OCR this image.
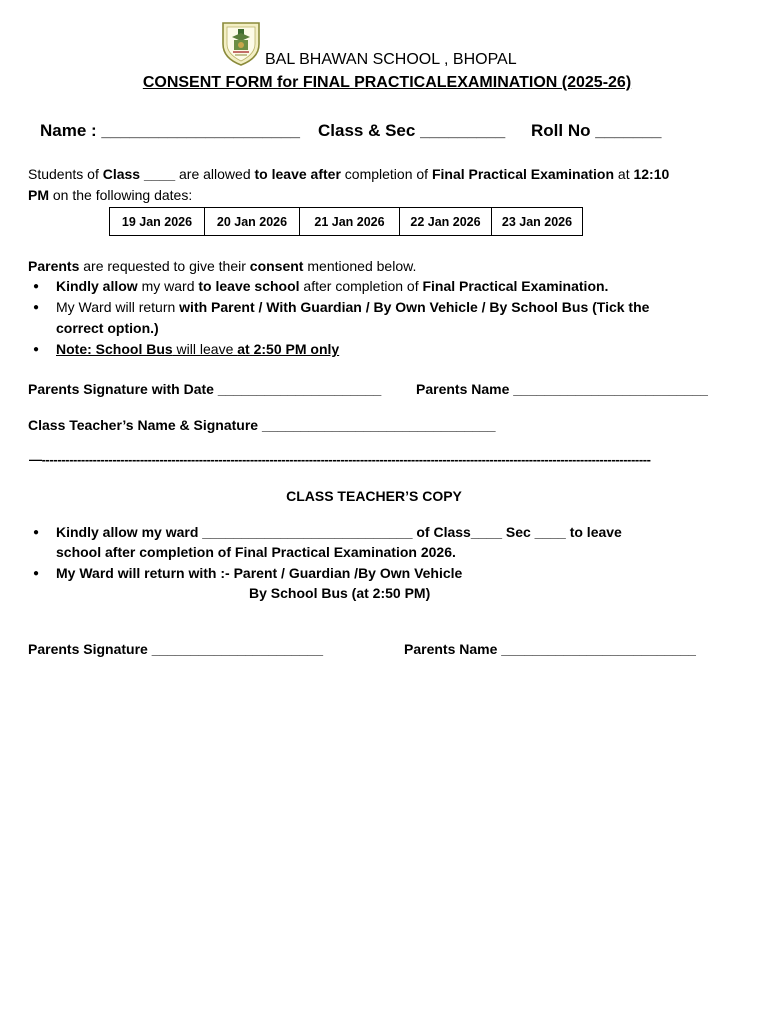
BAL BHAWAN SCHOOL , BHOPAL
CONSENT FORM for FINAL PRACTICALEXAMINATION (2025-26)
Name : _____________________ Class & Sec _________ Roll No _______
Students of Class ____ are allowed to leave after completion of Final Practical Examination at 12:10
PM on the following dates:
19 Jan 2026	20 Jan 2026	21 Jan 2026	22 Jan 2026	23 Jan 2026
Parents are requested to give their consent mentioned below.
● Kindly allow my ward to leave school after completion of Final Practical Examination.
● My Ward will return with Parent / With Guardian / By Own Vehicle / By School Bus (Tick the
correct option.)
● Note: School Bus will leave at 2:50 PM only
Parents Signature with Date _____________________ Parents Name _________________________
Class Teacher’s Name & Signature ______________________________
—-----------------------------------------------------------------------------------------------------------------------------------------------------------
CLASS TEACHER’S COPY
● Kindly allow my ward ___________________________ of Class____ Sec ____ to leave
school after completion of Final Practical Examination 2026.
● My Ward will return with :- Parent / Guardian /By Own Vehicle
By School Bus (at 2:50 PM)
Parents Signature ______________________	Parents Name _________________________
